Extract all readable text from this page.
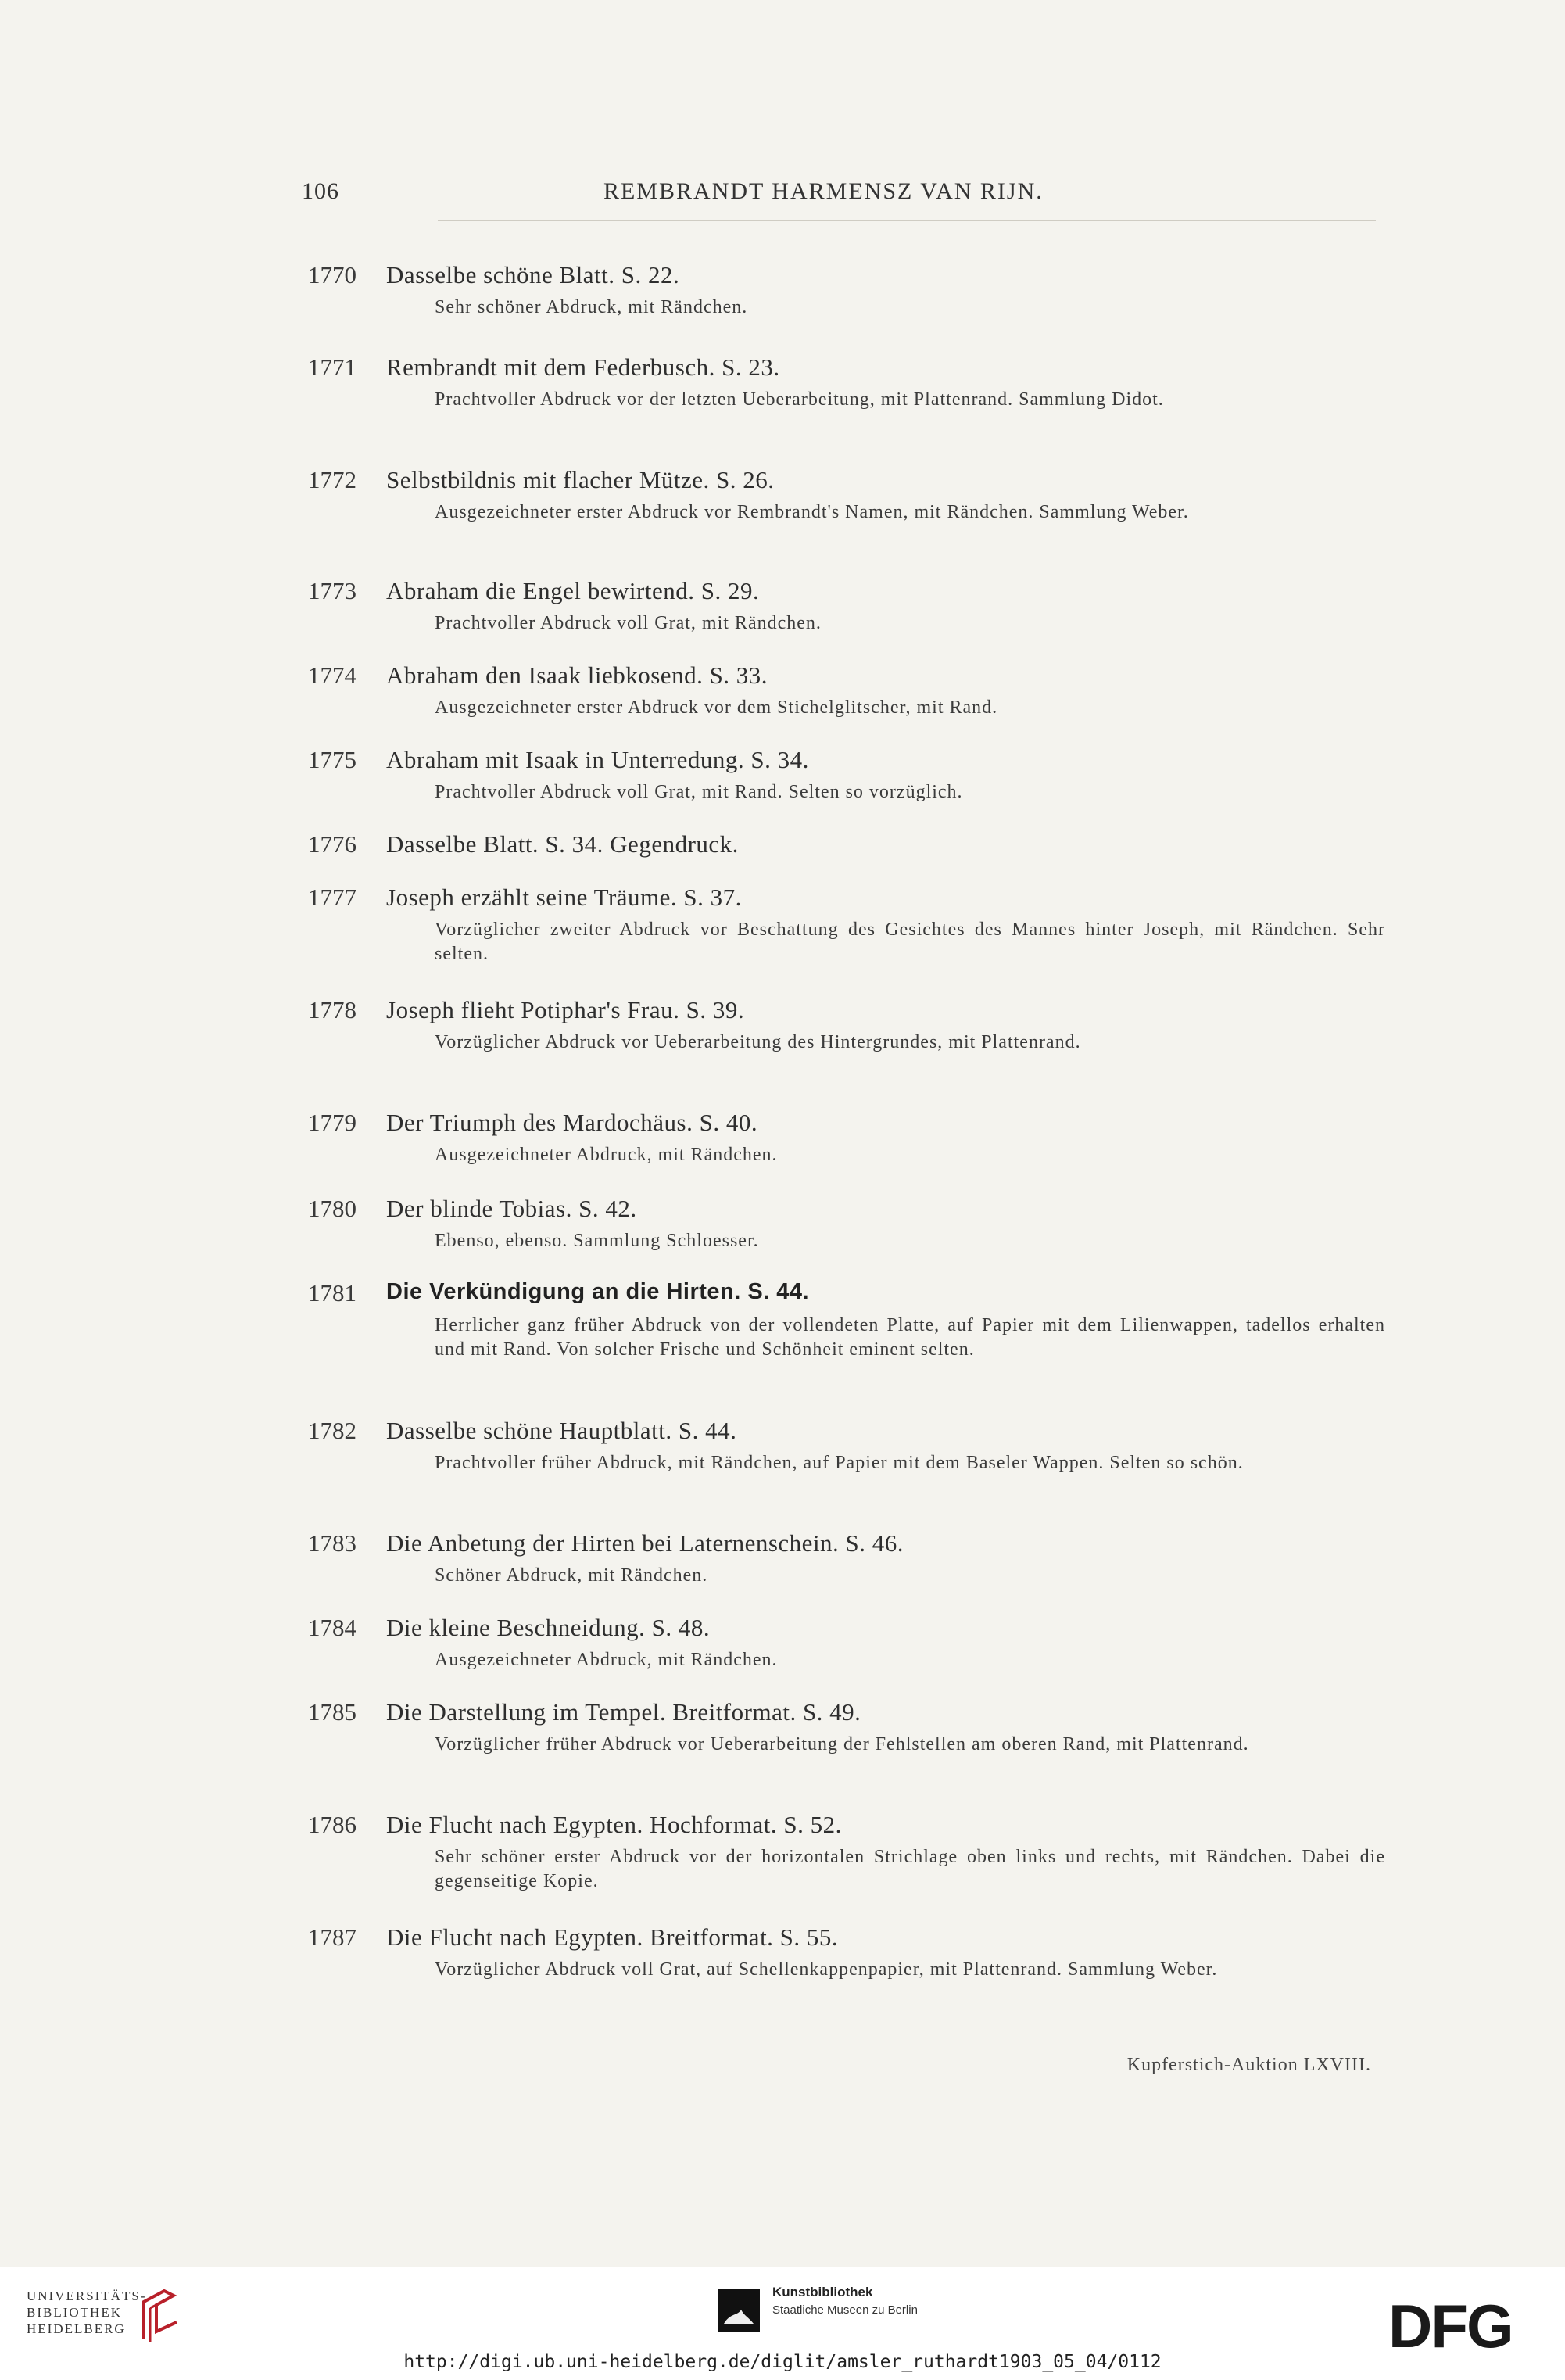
106	REMBRANDT HARMENSZ VAN RIJN.
1770 Dasselbe schöne Blatt. S. 22.
Sehr schöner Abdruck, mit Rändchen.
1771 Rembrandt mit dem Federbusch. S. 23.
Prachtvoller Abdruck vor der letzten Ueberarbeitung, mit Plattenrand. Sammlung Didot.
1772 Selbstbildnis mit flacher Mütze. S. 26.
Ausgezeichneter erster Abdruck vor Rembrandt's Namen, mit Rändchen. Sammlung Weber.
1773 Abraham die Engel bewirtend. S. 29.
Prachtvoller Abdruck voll Grat, mit Rändchen.
1774 Abraham den Isaak liebkosend. S. 33.
Ausgezeichneter erster Abdruck vor dem Stichelglitscher, mit Rand.
1775 Abraham mit Isaak in Unterredung. S. 34.
Prachtvoller Abdruck voll Grat, mit Rand. Selten so vorzüglich.
1776 Dasselbe Blatt. S. 34. Gegendruck.
1777 Joseph erzählt seine Träume. S. 37.
Vorzüglicher zweiter Abdruck vor Beschattung des Gesichtes des Mannes hinter Joseph, mit Rändchen. Sehr selten.
1778 Joseph flieht Potiphar's Frau. S. 39.
Vorzüglicher Abdruck vor Ueberarbeitung des Hintergrundes, mit Plattenrand.
1779 Der Triumph des Mardochäus. S. 40.
Ausgezeichneter Abdruck, mit Rändchen.
1780 Der blinde Tobias. S. 42.
Ebenso, ebenso. Sammlung Schloesser.
1781 Die Verkündigung an die Hirten. S. 44.
Herrlicher ganz früher Abdruck von der vollendeten Platte, auf Papier mit dem Lilienwappen, tadellos erhalten und mit Rand. Von solcher Frische und Schönheit eminent selten.
1782 Dasselbe schöne Hauptblatt. S. 44.
Prachtvoller früher Abdruck, mit Rändchen, auf Papier mit dem Baseler Wappen. Selten so schön.
1783 Die Anbetung der Hirten bei Laternenschein. S. 46.
Schöner Abdruck, mit Rändchen.
1784 Die kleine Beschneidung. S. 48.
Ausgezeichneter Abdruck, mit Rändchen.
1785 Die Darstellung im Tempel. Breitformat. S. 49.
Vorzüglicher früher Abdruck vor Ueberarbeitung der Fehlstellen am oberen Rand, mit Plattenrand.
1786 Die Flucht nach Egypten. Hochformat. S. 52.
Sehr schöner erster Abdruck vor der horizontalen Strichlage oben links und rechts, mit Rändchen. Dabei die gegenseitige Kopie.
1787 Die Flucht nach Egypten. Breitformat. S. 55.
Vorzüglicher Abdruck voll Grat, auf Schellenkappenpapier, mit Plattenrand. Sammlung Weber.
Kupferstich-Auktion LXVIII.
UNIVERSITÄTS-
BIBLIOTHEK
HEIDELBERG
Kunstbibliothek
Staatliche Museen zu Berlin	DFG
http://digi.ub.uni-heidelberg.de/diglit/amsler_ruthardt1903_05_04/0112
